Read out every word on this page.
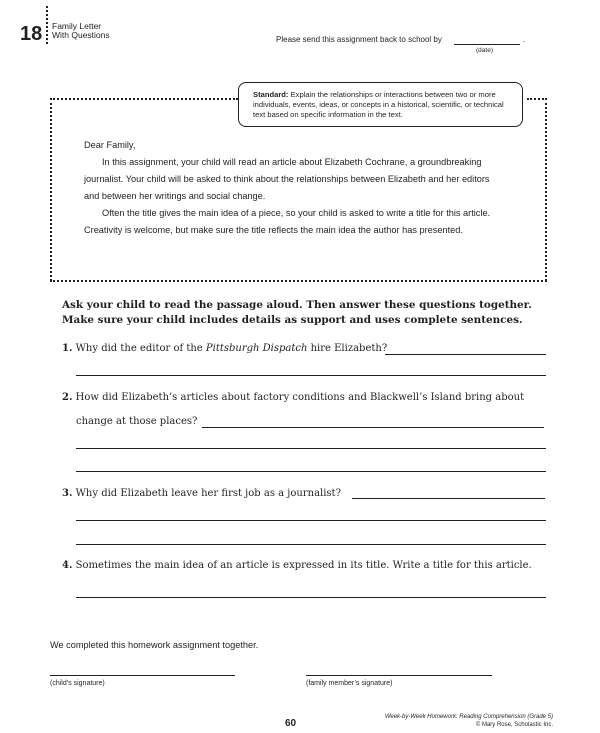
18 Family Letter
With Questions	Please send this assignment back to school by	.
(date)
Standard: Explain the relationships or interactions between two or more individuals, events, ideas, or concepts in a historical, scientific, or technical text based on specific information in the text.

Dear Family,

In this assignment, your child will read an article about Elizabeth Cochrane, a groundbreaking journalist. Your child will be asked to think about the relationships between Elizabeth and her editors and between her writings and social change.

Often the title gives the main idea of a piece, so your child is asked to write a title for this article. Creativity is welcome, but make sure the title reflects the main idea the author has presented.

Ask your child to read the passage aloud. Then answer these questions together. Make sure your child includes details as support and uses complete sentences.
1. Why did the editor of the Pittsburgh Dispatch hire Elizabeth?
2. How did Elizabeth’s articles about factory conditions and Blackwell’s Island bring about
change at those places?
3. Why did Elizabeth leave her first job as a journalist?
4. Sometimes the main idea of an article is expressed in its title. Write a title for this article.
We completed this homework assignment together.
(child’s signature)	(family member’s signature)
60
Week-by-Week Homework: Reading Comprehension (Grade 5)
© Mary Rose, Scholastic Inc.
